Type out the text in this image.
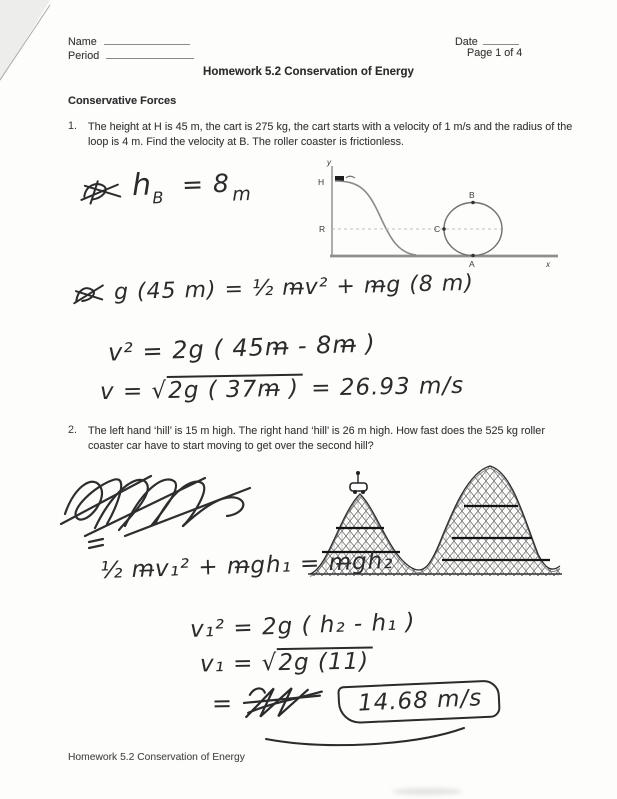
Name
Period
Date
Page 1 of 4
Homework 5.2 Conservation of Energy
Conservative Forces
1. The height at H is 45 m, the cart is 275 kg, the cart starts with a velocity of 1 m/s and the radius of the loop is 4 m. Find the velocity at B. The roller coaster is frictionless.
y
H
R
B
C
A	x
hB = 8m
g (45 m) = ½ m̶v² + m̶g (8 m)
v² = 2g ( 45m̶ - 8m̶ )
v = √2g ( 37m̶ ) = 26.93 m/s
2. The left hand ‘hill’ is 15 m high. The right hand ‘hill’ is 26 m high. How fast does the 525 kg roller coaster car have to start moving to get over the second hill?
½ m̶v₁² + m̶gh₁ = m̶gh₂
v₁² = 2g ( h₂ - h₁ )
v₁ = √2g (11)
=	14.68 m/s
Homework 5.2 Conservation of Energy
